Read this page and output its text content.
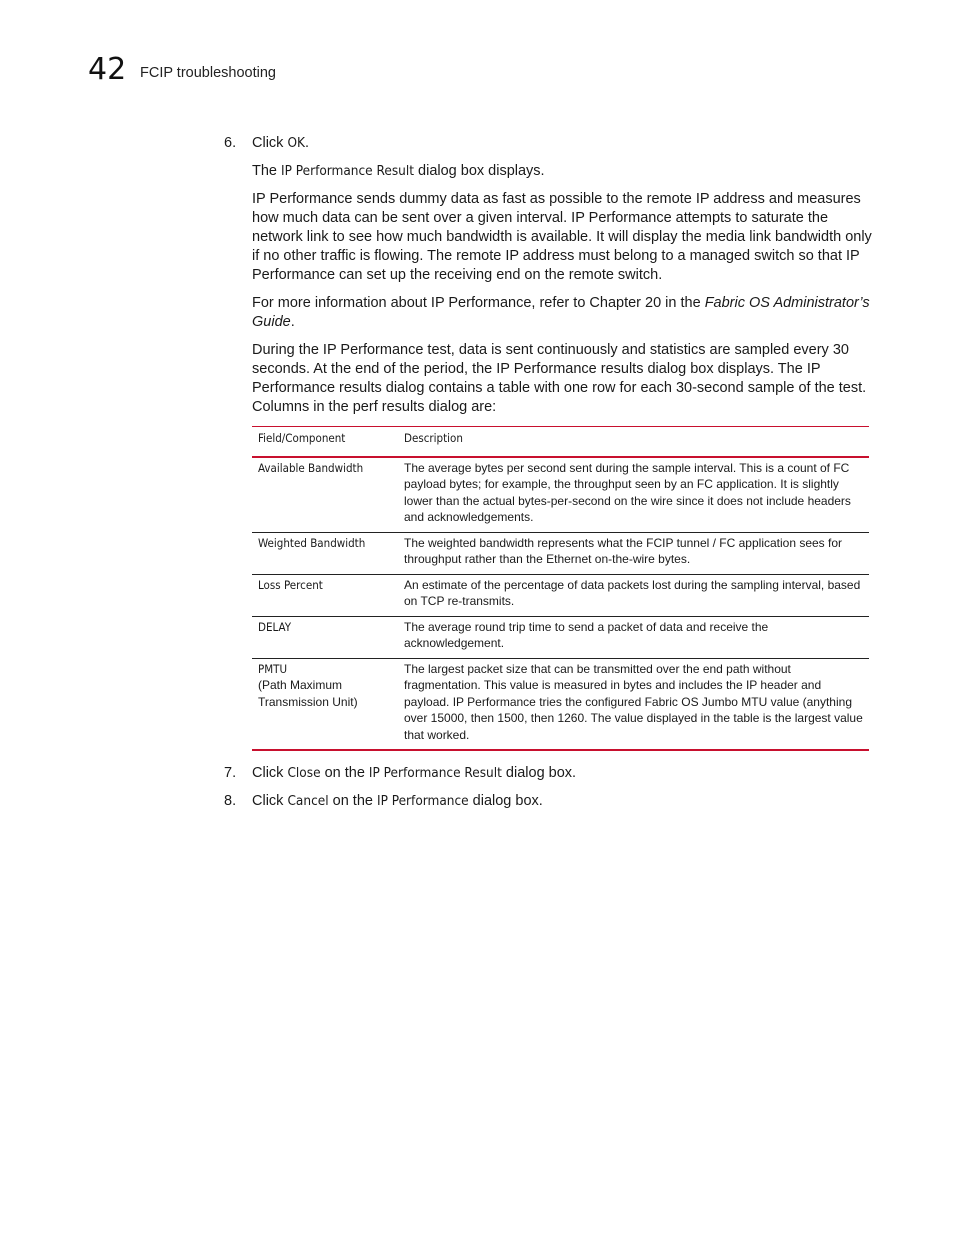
42 FCIP troubleshooting
6. Click OK.

The IP Performance Result dialog box displays.

IP Performance sends dummy data as fast as possible to the remote IP address and measures how much data can be sent over a given interval. IP Performance attempts to saturate the network link to see how much bandwidth is available. It will display the media link bandwidth only if no other traffic is flowing. The remote IP address must belong to a managed switch so that IP Performance can set up the receiving end on the remote switch.

For more information about IP Performance, refer to Chapter 20 in the Fabric OS Administrator’s Guide.

During the IP Performance test, data is sent continuously and statistics are sampled every 30 seconds. At the end of the period, the IP Performance results dialog box displays. The IP Performance results dialog contains a table with one row for each 30-second sample of the test. Columns in the perf results dialog are:

Field/Component	Description
Available Bandwidth	The average bytes per second sent during the sample interval. This is a count of FC payload bytes; for example, the throughput seen by an FC application. It is slightly lower than the actual bytes-per-second on the wire since it does not include headers and acknowledgements.
Weighted Bandwidth	The weighted bandwidth represents what the FCIP tunnel / FC application sees for throughput rather than the Ethernet on-the-wire bytes.
Loss Percent	An estimate of the percentage of data packets lost during the sampling interval, based on TCP re-transmits.
DELAY	The average round trip time to send a packet of data and receive the acknowledgement.
PMTU
(Path Maximum Transmission Unit)	The largest packet size that can be transmitted over the end path without fragmentation. This value is measured in bytes and includes the IP header and payload. IP Performance tries the configured Fabric OS Jumbo MTU value (anything over 15000, then 1500, then 1260. The value displayed in the table is the largest value that worked.
7. Click Close on the IP Performance Result dialog box.
8. Click Cancel on the IP Performance dialog box.
